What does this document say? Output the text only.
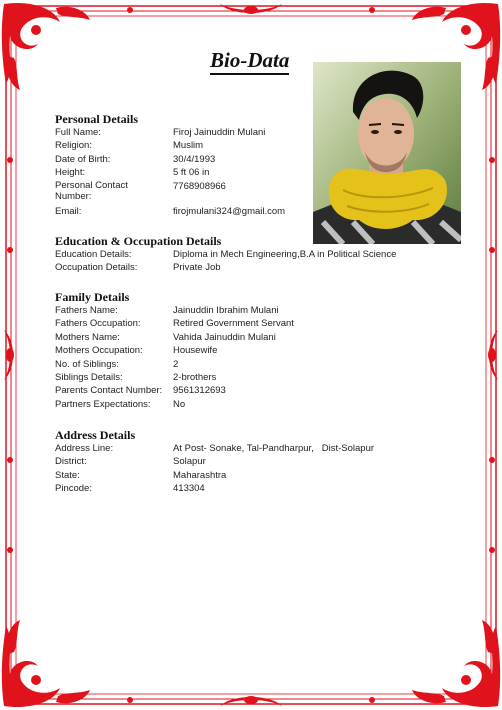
Bio-Data
Personal Details
Full Name:	Firoj Jainuddin Mulani
Religion:	Muslim
Date of Birth:	30/4/1993
Height:	5 ft 06 in
Personal Contact Number:
7768908966
Email:	firojmulani324@gmail.com
Education & Occupation Details
Education Details:	Diploma in Mech Engineering,B.A in Political Science
Occupation Details:	Private Job
Family Details
Fathers Name:	Jainuddin Ibrahim Mulani
Fathers Occupation:	Retired Government Servant
Mothers Name:	Vahida Jainuddin Mulani
Mothers Occupation:	Housewife
No. of Siblings:	2
Siblings Details:	2-brothers
Parents Contact Number:	9561312693
Partners Expectations:	No
Address Details
Address Line:	At Post- Sonake, Tal-Pandharpur,   Dist-Solapur
District:	Solapur
State:	Maharashtra
Pincode:	413304
